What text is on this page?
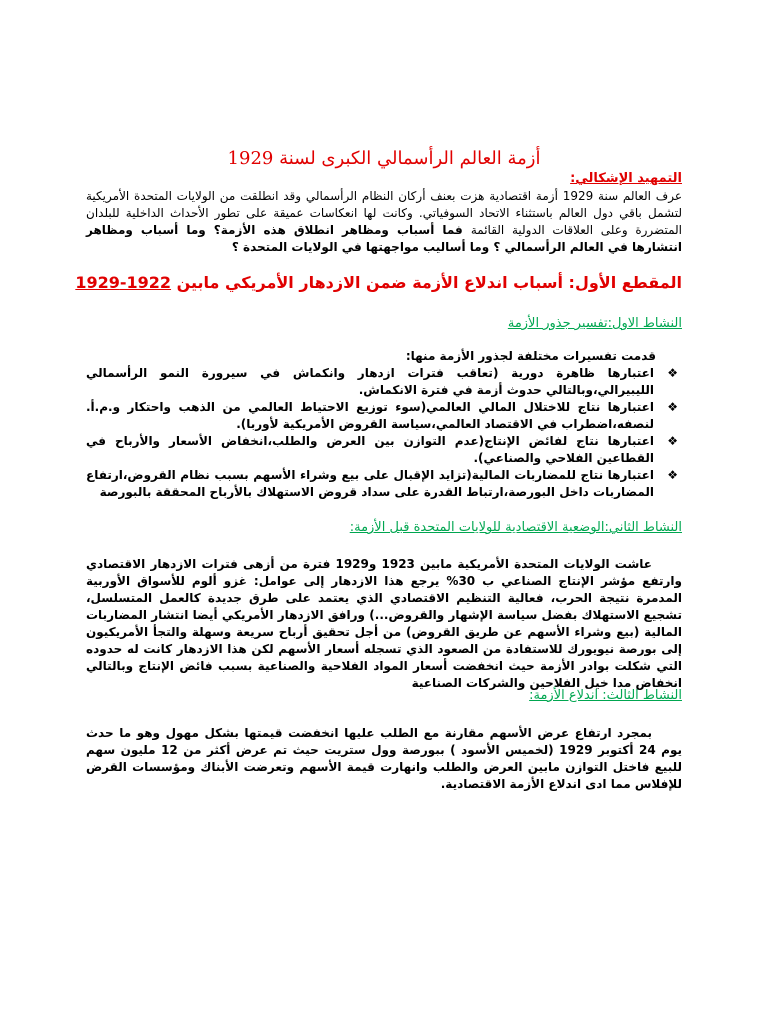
أزمة العالم الرأسمالي الكبرى لسنة 1929
التمهيد الإشكالي:

عرف العالم سنة 1929 أزمة اقتصادية هزت بعنف أركان النظام الرأسمالي وقد انطلقت من الولايات المتحدة الأمريكية لتشمل باقي دول العالم باستثناء الاتحاد السوفياتي. وكانت لها انعكاسات عميقة على تطور الأحداث الداخلية للبلدان المتضررة وعلى العلاقات الدولية القائمة فما أسباب ومظاهر انطلاق هذه الأزمة؟ وما أسباب ومظاهر انتشارها في العالم الرأسمالي ؟ وما أساليب مواجهتها في الولايات المتحدة ؟

المقطع الأول: أسباب اندلاع الأزمة ضمن الازدهار الأمريكي مابين 1922-1929
النشاط الاول:تفسير جذور الأزمة

قدمت تفسيرات مختلفة لجذور الأزمة منها:

❖
اعتبارها ظاهرة دورية (تعاقب فترات ازدهار وانكماش في سيرورة النمو الرأسمالي الليبيرالي،وبالتالي حدوث أزمة في فترة الانكماش.
❖
اعتبارها نتاج للاختلال المالي العالمي(سوء توزيع الاحتياط العالمي من الذهب واحتكار و.م.أ. لنصفه،اضطراب في الاقتصاد العالمي،سياسة القروض الأمريكية لأوربا).
❖
اعتبارها نتاج لفائض الإنتاج(عدم التوازن بين العرض والطلب،انخفاض الأسعار والأرباح في القطاعين الفلاحي والصناعي).
❖
اعتبارها نتاج للمضاربات المالية(تزايد الإقبال على بيع وشراء الأسهم بسبب نظام القروض،ارتفاع المضاربات داخل البورصة،ارتباط القدرة على سداد قروض الاستهلاك بالأرباح المحققة بالبورصة
النشاط الثاني:الوضعية الاقتصادية للولايات المتحدة قبل الأزمة:

عاشت الولايات المتحدة الأمريكية مابين 1923 و1929 فترة من أزهى فترات الازدهار الاقتصادي وارتفع مؤشر الإنتاج الصناعي ب 30% يرجع هذا الازدهار إلى عوامل: غزو ألوم للأسواق الأوربية المدمرة نتيجة الحرب، فعالية التنظيم الاقتصادي الذي يعتمد على طرق جديدة كالعمل المتسلسل، تشجيع الاستهلاك بفضل سياسة الإشهار والقروض...) ورافق الازدهار الأمريكي أيضا انتشار المضاربات المالية (بيع وشراء الأسهم عن طريق القروض) من أجل تحقيق أرباح سريعة وسهلة والتجأ الأمريكيون إلى بورصة نيويورك للاستفادة من الصعود الذي تسجله أسعار الأسهم لكن هذا الازدهار كانت له حدوده التي شكلت بوادر الأزمة حيث انخفضت أسعار المواد الفلاحية والصناعية بسبب فائض الإنتاج وبالتالي انخفاض مدا خيل الفلاحين والشركات الصناعية

النشاط الثالث: اندلاع الأزمة:

بمجرد ارتفاع عرض الأسهم مقارنة مع الطلب عليها انخفضت قيمتها بشكل مهول وهو ما حدث يوم 24 أكتوبر 1929 (لخميس الأسود ) ببورصة وول ستريت حيث تم عرض أكثر من 12 مليون سهم للبيع فاختل التوازن مابين العرض والطلب وانهارت قيمة الأسهم وتعرضت الأبناك ومؤسسات القرض للإفلاس مما ادى اندلاع الأزمة الاقتصادية.
